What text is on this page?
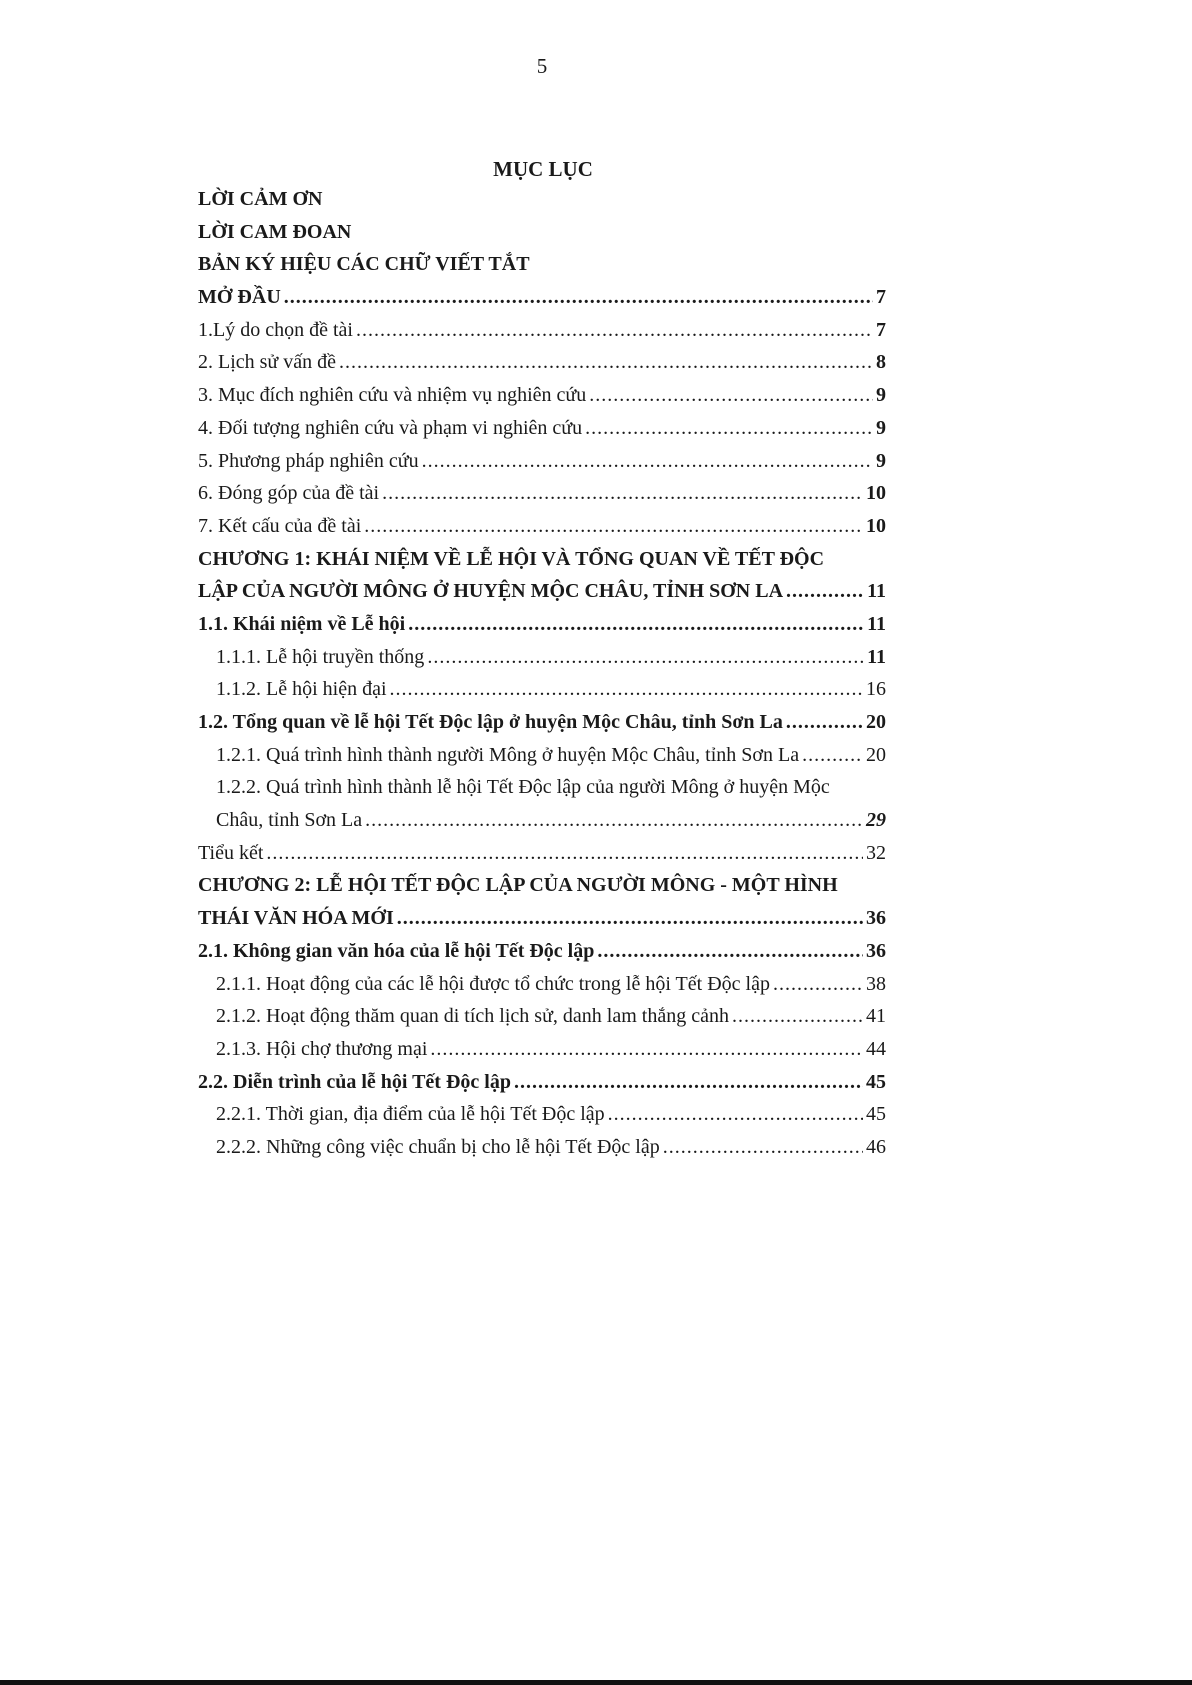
5
MỤC LỤC
LỜI CẢM ƠN
LỜI CAM ĐOAN
BẢN KÝ HIỆU CÁC CHỮ VIẾT TẮT
MỞ ĐẦU .....	7
1.Lý do chọn đề tài .....	7
2. Lịch sử vấn đề .....	8
3. Mục đích nghiên cứu và nhiệm vụ nghiên cứu .....	9
4. Đối tượng nghiên cứu và phạm vi nghiên cứu .....	9
5. Phương pháp nghiên cứu .....	9
6. Đóng góp của đề tài .....	10
7. Kết cấu của đề tài .....	10
CHƯƠNG 1: KHÁI NIỆM VỀ LỄ HỘI VÀ TỔNG QUAN VỀ TẾT ĐỘC
LẬP CỦA NGƯỜI MÔNG Ở HUYỆN MỘC CHÂU, TỈNH SƠN LA .....	11
1.1. Khái niệm về Lễ hội .....	11
1.1.1. Lễ hội truyền thống .....	11
1.1.2. Lễ hội hiện đại .....	16
1.2. Tổng quan về lễ hội Tết Độc lập ở huyện Mộc Châu, tỉnh Sơn La .....	20
1.2.1. Quá trình hình thành người Mông ở huyện Mộc Châu, tỉnh Sơn La .....	20
1.2.2. Quá trình hình thành lễ hội Tết Độc lập của người Mông ở huyện Mộc
Châu, tỉnh Sơn La .....	29
Tiểu kết .....	32
CHƯƠNG 2: LỄ HỘI TẾT ĐỘC LẬP CỦA NGƯỜI MÔNG - MỘT HÌNH
THÁI VĂN HÓA MỚI .....	36
2.1. Không gian văn hóa của lễ hội Tết Độc lập .....	36
2.1.1. Hoạt động của các lễ hội được tổ chức trong lễ hội Tết Độc lập .....	38
2.1.2. Hoạt động thăm quan di tích lịch sử, danh lam thắng cảnh .....	41
2.1.3. Hội chợ thương mại .....	44
2.2. Diễn trình của lễ hội Tết Độc lập .....	45
2.2.1. Thời gian, địa điểm của lễ hội Tết Độc lập .....	45
2.2.2. Những công việc chuẩn bị cho lễ hội Tết Độc lập .....	46
